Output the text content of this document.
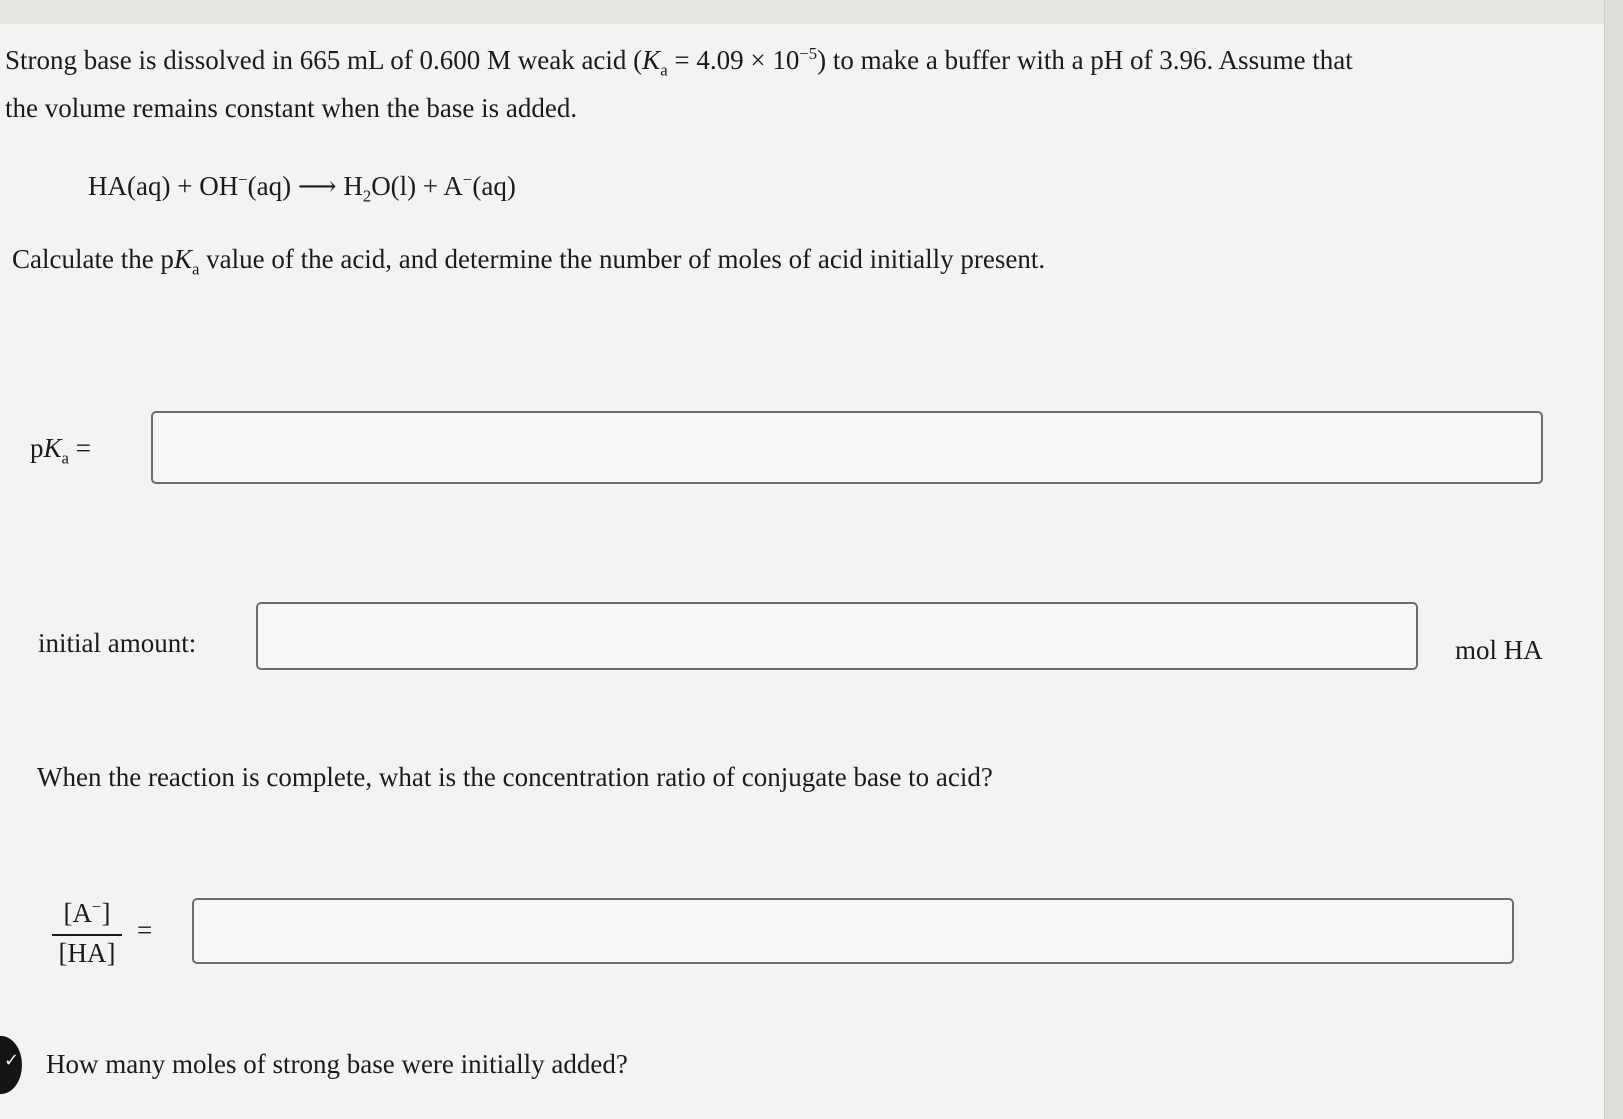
Strong base is dissolved in 665 mL of 0.600 M weak acid $(K_a = 4.09 \times 10^{-5})$ to make a buffer with a pH of 3.96. Assume that
the volume remains constant when the base is added.
HA(aq) + OH−(aq) ⟶ $H_2O(l) + A^-(aq)$
Calculate the $pK_a$ value of the acid, and determine the number of moles of acid initially present.
$pK_a$ =
initial amount:	mol HA
When the reaction is complete, what is the concentration ratio of conjugate base to acid?
[A−]
[HA]
=
✓ How many moles of strong base were initially added?
